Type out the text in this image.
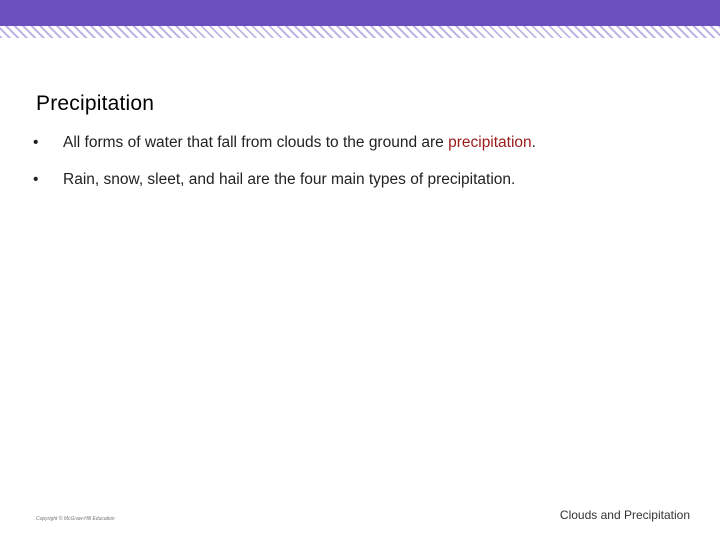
Precipitation
•	All forms of water that fall from clouds to the ground are precipitation.
•	Rain, snow, sleet, and hail are the four main types of precipitation.
Copyright © McGraw-Hill Education	Clouds and Precipitation
